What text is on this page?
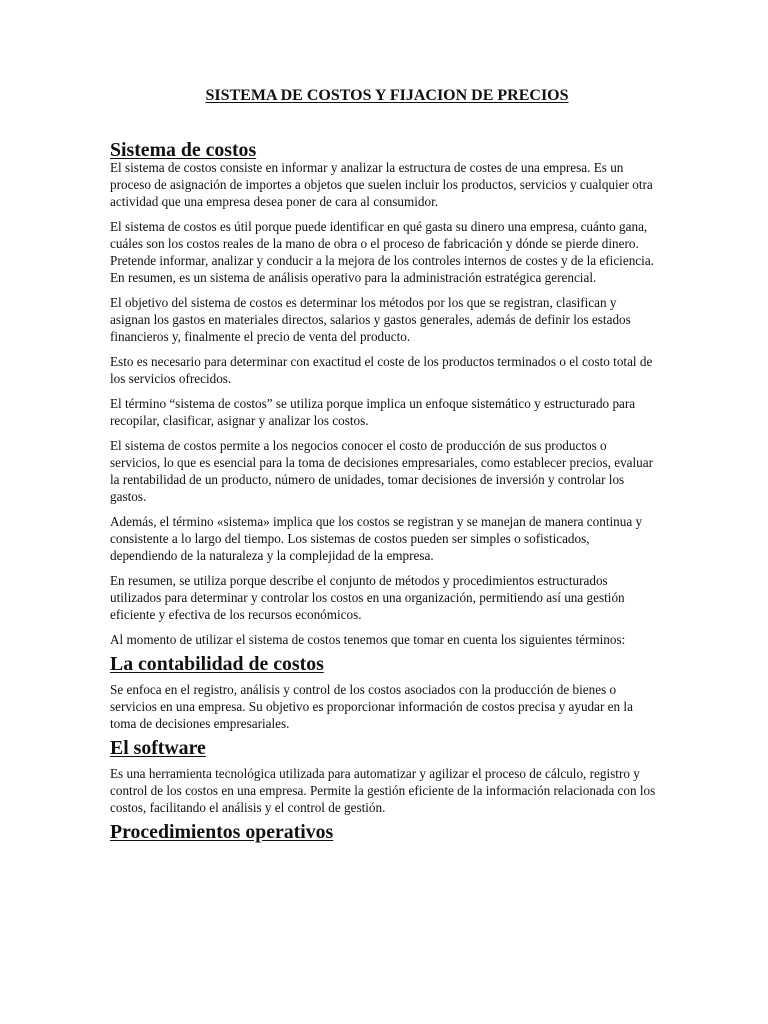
SISTEMA DE COSTOS Y FIJACION DE PRECIOS
Sistema de costos

El sistema de costos consiste en informar y analizar la estructura de costes de una empresa. Es un proceso de asignación de importes a objetos que suelen incluir los productos, servicios y cualquier otra actividad que una empresa desea poner de cara al consumidor.

El sistema de costos es útil porque puede identificar en qué gasta su dinero una empresa, cuánto gana, cuáles son los costos reales de la mano de obra o el proceso de fabricación y dónde se pierde dinero. Pretende informar, analizar y conducir a la mejora de los controles internos de costes y de la eficiencia. En resumen, es un sistema de análisis operativo para la administración estratégica gerencial.

El objetivo del sistema de costos es determinar los métodos por los que se registran, clasifican y asignan los gastos en materiales directos, salarios y gastos generales, además de definir los estados financieros y, finalmente el precio de venta del producto.

Esto es necesario para determinar con exactitud el coste de los productos terminados o el costo total de los servicios ofrecidos.

El término “sistema de costos” se utiliza porque implica un enfoque sistemático y estructurado para recopilar, clasificar, asignar y analizar los costos.

El sistema de costos permite a los negocios conocer el costo de producción de sus productos o servicios, lo que es esencial para la toma de decisiones empresariales, como establecer precios, evaluar la rentabilidad de un producto, número de unidades, tomar decisiones de inversión y controlar los gastos.

Además, el término «sistema» implica que los costos se registran y se manejan de manera continua y consistente a lo largo del tiempo. Los sistemas de costos pueden ser simples o sofisticados, dependiendo de la naturaleza y la complejidad de la empresa.

En resumen, se utiliza porque describe el conjunto de métodos y procedimientos estructurados utilizados para determinar y controlar los costos en una organización, permitiendo así una gestión eficiente y efectiva de los recursos económicos.

Al momento de utilizar el sistema de costos tenemos que tomar en cuenta los siguientes términos:

La contabilidad de costos

Se enfoca en el registro, análisis y control de los costos asociados con la producción de bienes o servicios en una empresa. Su objetivo es proporcionar información de costos precisa y ayudar en la toma de decisiones empresariales.

El software

Es una herramienta tecnológica utilizada para automatizar y agilizar el proceso de cálculo, registro y control de los costos en una empresa. Permite la gestión eficiente de la información relacionada con los costos, facilitando el análisis y el control de gestión.

Procedimientos operativos
